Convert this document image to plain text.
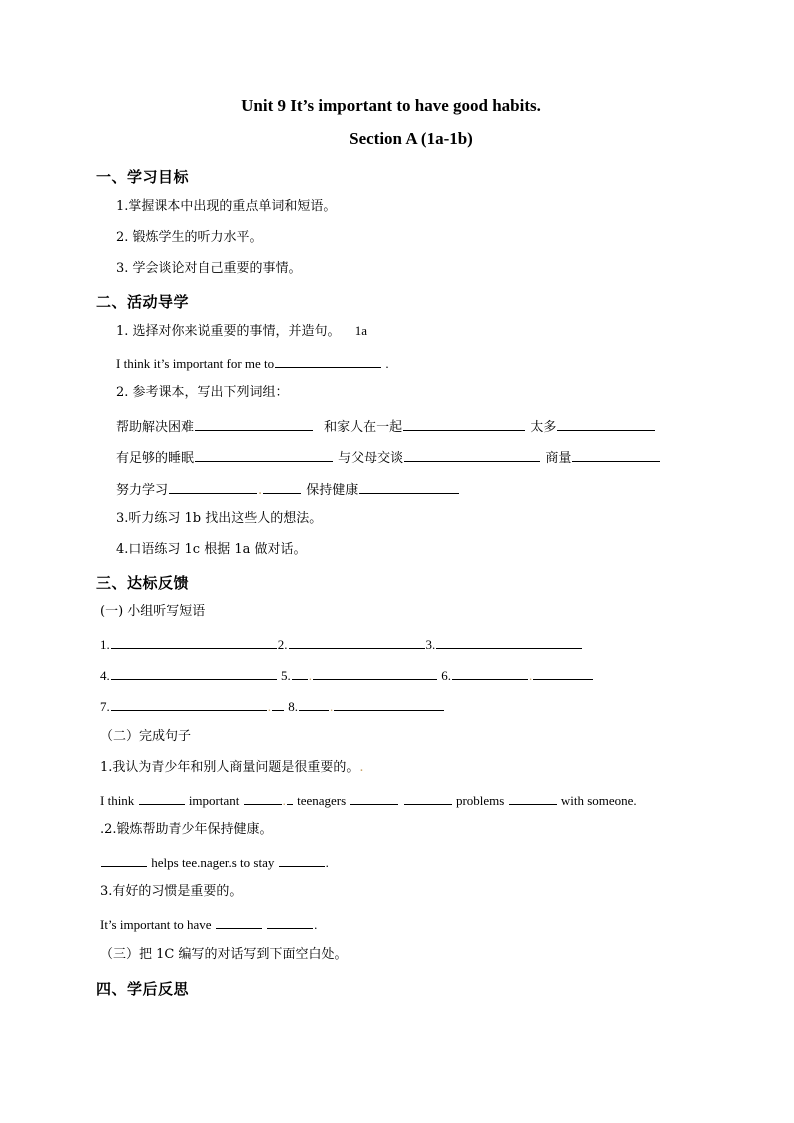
Unit 9 It’s important to have good habits.
Section A (1a-1b)
一、学习目标
1.掌握课本中出现的重点单词和短语。
2. 锻炼学生的听力水平。
3. 学会谈论对自己重要的事情。
二、活动导学
1. 选择对你来说重要的事情，并造句。 1a
I think it’s important for me to	.
2. 参考课本，写出下列词组：
帮助解决困难	和家人在一起	太多
有足够的睡眠	与父母交谈	商量
努力学习	.	保持健康
3.听力练习 1b 找出这些人的想法。
4.口语练习 1c 根据 1a 做对话。
三、达标反馈
(一) 小组听写短语
1.	2.	3.
4.	5. .	6.	.
7.	. 8. .
（二）完成句子
1.我认为青少年和别人商量问题是很重要的。.
I think	important	. teenagers	problems	with someone.
.2.锻炼帮助青少年保持健康。
helps tee.nager.s to stay	.
3.有好的习惯是重要的。
It’s important to have	.
（三）把 1C 编写的对话写到下面空白处。
四、学后反思
